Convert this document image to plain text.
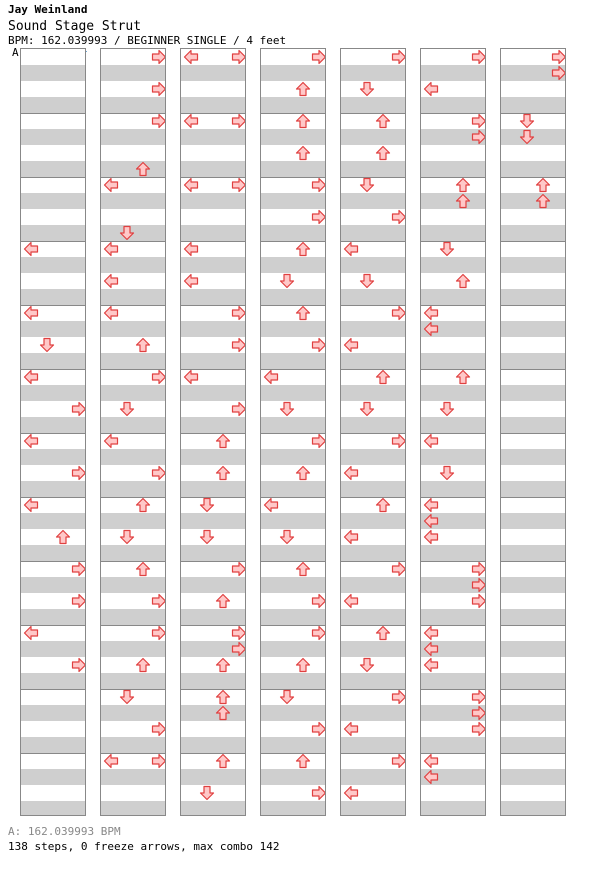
Jay Weinland
Sound Stage Strut
BPM: 162.039993 / BEGINNER SINGLE / 4 feet
A
A: 162.039993 BPM
138 steps, 0 freeze arrows, max combo 142
